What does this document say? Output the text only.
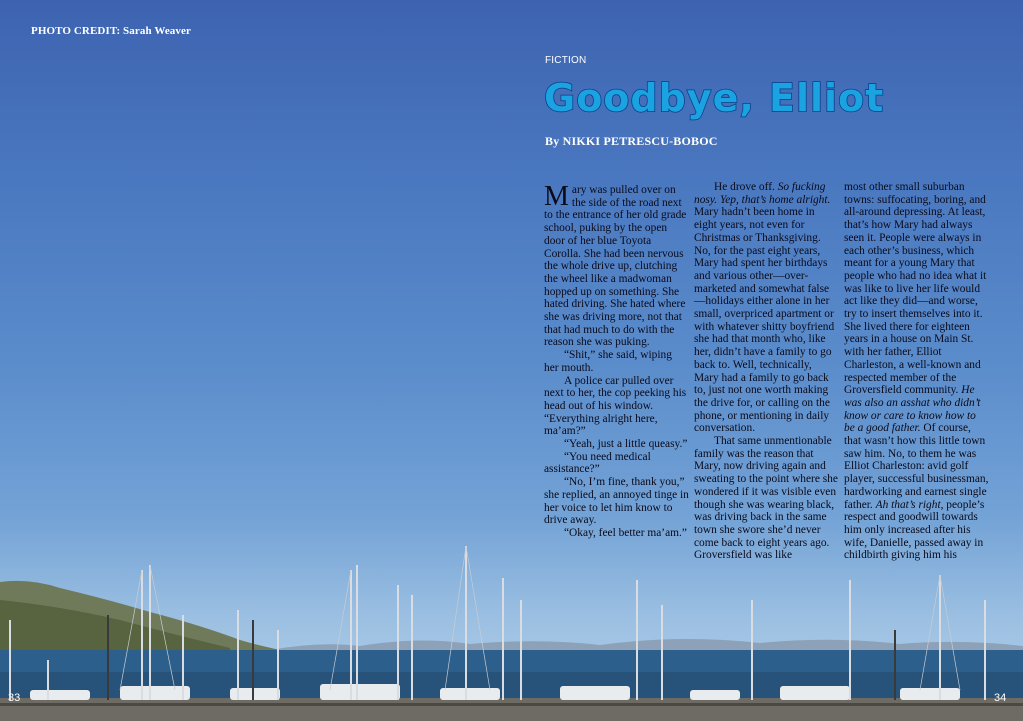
PHOTO CREDIT: Sarah Weaver
FICTION
Goodbye, Elliot
By NIKKI PETRESCU-BOBOC

Mary was pulled over on the side of the road next to the entrance of her old grade school, puking by the open door of her blue Toyota Corolla. She had been nervous the whole drive up, clutching the wheel like a madwoman hopped up on something. She hated driving. She hated where she was driving more, not that that had much to do with the reason she was puking.

“Shit,” she said, wiping her mouth.

A police car pulled over next to her, the cop peeking his head out of his window. “Everything alright here, ma’am?”

“Yeah, just a little queasy.”

“You need medical assistance?”

“No, I’m fine, thank you,” she replied, an annoyed tinge in her voice to let him know to drive away.

“Okay, feel better ma’am.”

He drove off. So fucking nosy. Yep, that’s home alright. Mary hadn’t been home in eight years, not even for Christmas or Thanksgiving. No, for the past eight years, Mary had spent her birthdays and various other—over-marketed and somewhat false—holidays either alone in her small, overpriced apartment or with whatever shitty boyfriend she had that month who, like her, didn’t have a family to go back to. Well, technically, Mary had a family to go back to, just not one worth making the drive for, or calling on the phone, or mentioning in daily conversation.

That same unmentionable family was the reason that Mary, now driving again and sweating to the point where she wondered if it was visible even though she was wearing black, was driving back in the same town she swore she’d never come back to eight years ago. Groversfield was like

most other small suburban towns: suffocating, boring, and all-around depressing. At least, that’s how Mary had always seen it. People were always in each other’s business, which meant for a young Mary that people who had no idea what it was like to live her life would act like they did—and worse, try to insert themselves into it. She lived there for eighteen years in a house on Main St. with her father, Elliot Charleston, a well-known and respected member of the Groversfield community. He was also an asshat who didn’t know or care to know how to be a good father. Of course, that wasn’t how this little town saw him. No, to them he was Elliot Charleston: avid golf player, successful businessman, hardworking and earnest single father. Ah that’s right, people’s respect and goodwill towards him only increased after his wife, Danielle, passed away in childbirth giving him his

33	34
